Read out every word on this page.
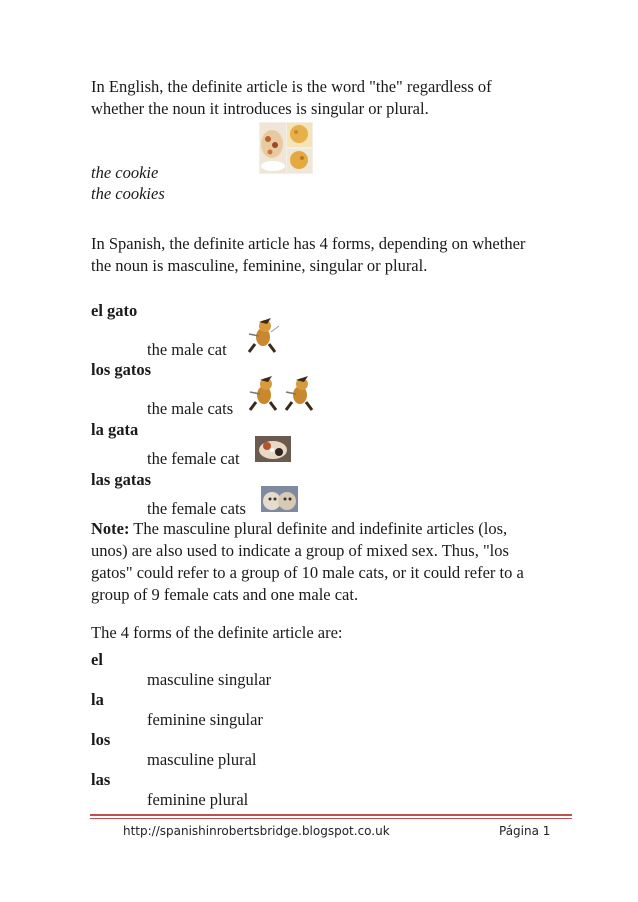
In English, the definite article is the word "the" regardless of

whether the noun it introduces is singular or plural.

the cookie

the cookies

In Spanish, the definite article has 4 forms, depending on whether

the noun is masculine, feminine, singular or plural.

el gato
the male cat
los gatos
the male cats
la gata
the female cat
las gatas
the female cats

Note: The masculine plural definite and indefinite articles (los,

unos) are also used to indicate a group of mixed sex. Thus, "los

gatos" could refer to a group of 10 male cats, or it could refer to a

group of 9 female cats and one male cat.

The 4 forms of the definite article are:

el
masculine singular
la
feminine singular
los
masculine plural
las
feminine plural
http://spanishinrobertsbridge.blogspot.co.uk	Página 1
